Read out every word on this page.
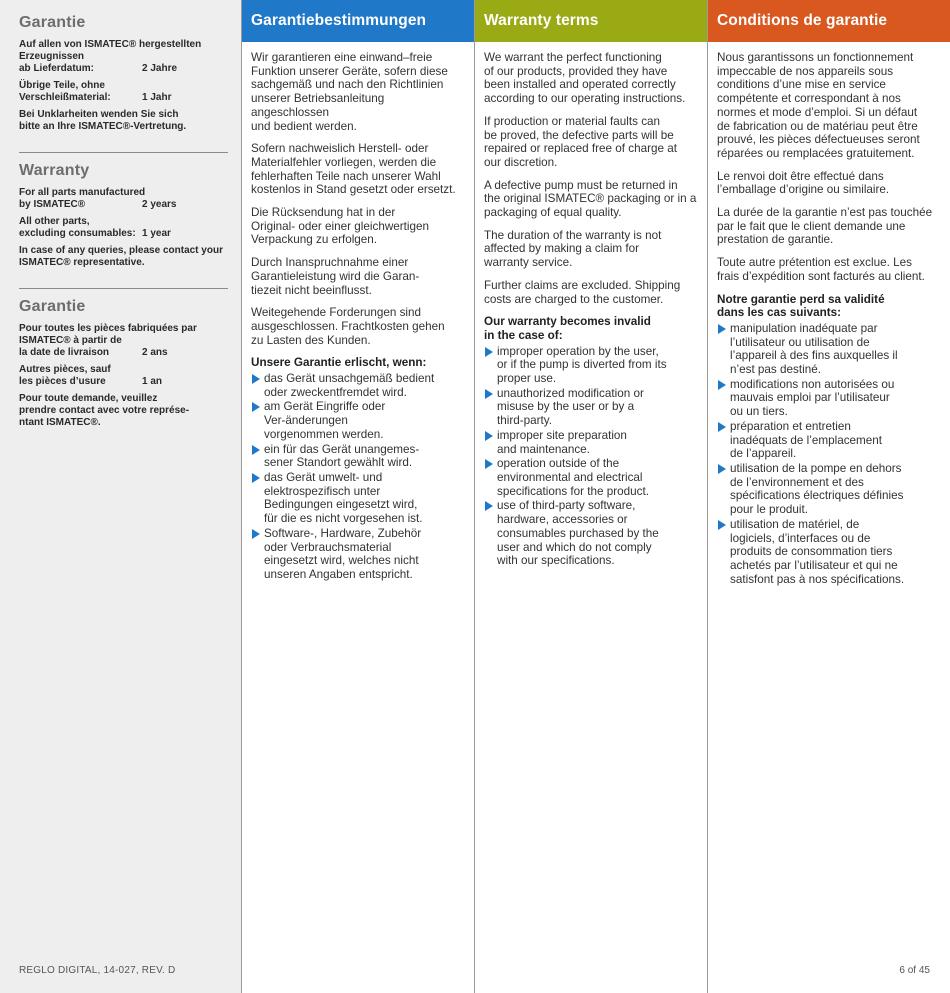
Garantie
Auf allen von ISMATEC® hergestellten Erzeugnissen
ab Lieferdatum:	2 Jahre
Übrige Teile, ohne
Verschleißmaterial:	1 Jahr
Bei Unklarheiten wenden Sie sich
bitte an Ihre ISMATEC®-Vertretung.
Warranty
For all parts manufactured
by ISMATEC®	2 years
All other parts,
excluding consumables: 1 year
In case of any queries, please contact your
ISMATEC® representative.
Garantie
Pour toutes les pièces fabriquées par
ISMATEC® à partir de
la date de livraison	2 ans
Autres pièces, sauf
les pièces d’usure	1 an
Pour toute demande, veuillez
prendre contact avec votre représe-
ntant ISMATEC®.
Garantiebestimmungen

Wir garantieren eine einwand–freie
Funktion unserer Geräte, sofern diese
sachgemäß und nach den Richtlinien
unserer Betriebsanleitung angeschlossen
und bedient werden.

Sofern nachweislich Herstell- oder
Materialfehler vorliegen, werden die
fehlerhaften Teile nach unserer Wahl
kostenlos in Stand gesetzt oder ersetzt.

Die Rücksendung hat in der
Original- oder einer gleichwertigen
Verpackung zu erfolgen.

Durch Inanspruchnahme einer
Garantieleistung wird die Garan-
tiezeit nicht beeinflusst.

Weitegehende Forderungen sind
ausgeschlossen. Frachtkosten gehen
zu Lasten des Kunden.

Unsere Garantie erlischt, wenn:
das Gerät unsachgemäß bedient
oder zweckentfremdet wird.
am Gerät Eingriffe oder
Ver-änderungen
vorgenommen werden.
ein für das Gerät unangemes-
sener Standort gewählt wird.
das Gerät umwelt- und
elektrospezifisch unter
Bedingungen eingesetzt wird,
für die es nicht vorgesehen ist.
Software-, Hardware, Zubehör
oder Verbrauchsmaterial
eingesetzt wird, welches nicht
unseren Angaben entspricht.
Warranty terms

We warrant the perfect functioning
of our products, provided they have
been installed and operated correctly
according to our operating instructions.

If production or material faults can
be proved, the defective parts will be
repaired or replaced free of charge at
our discretion.

A defective pump must be returned in
the original ISMATEC® packaging or in a
packaging of equal quality.

The duration of the warranty is not
affected by making a claim for
warranty service.

Further claims are excluded. Shipping
costs are charged to the customer.

Our warranty becomes invalid
in the case of:
improper operation by the user,
or if the pump is diverted from its
proper use.
unauthorized modification or
misuse by the user or by a
third-party.
improper site preparation
and maintenance.
operation outside of the
environmental and electrical
specifications for the product.
use of third-party software,
hardware, accessories or
consumables purchased by the
user and which do not comply
with our specifications.
Conditions de garantie

Nous garantissons un fonctionnement
impeccable de nos appareils sous
conditions d’une mise en service
compétente et correspondant à nos
normes et mode d’emploi. Si un défaut
de fabrication ou de matériau peut être
prouvé, les pièces défectueuses seront
réparées ou remplacées gratuitement.

Le renvoi doit être effectué dans
l’emballage d’origine ou similaire.

La durée de la garantie n’est pas touchée
par le fait que le client demande une
prestation de garantie.

Toute autre prétention est exclue. Les
frais d’expédition sont facturés au client.

Notre garantie perd sa validité
dans les cas suivants:
manipulation inadéquate par
l’utilisateur ou utilisation de
l’appareil à des fins auxquelles il
n’est pas destiné.
modifications non autorisées ou
mauvais emploi par l’utilisateur
ou un tiers.
préparation et entretien
inadéquats de l’emplacement
de l’appareil.
utilisation de la pompe en dehors
de l’environnement et des
spécifications électriques définies
pour le produit.
utilisation de matériel, de
logiciels, d’interfaces ou de
produits de consommation tiers
achetés par l’utilisateur et qui ne
satisfont pas à nos spécifications.
REGLO DIGITAL, 14-027, REV. D	6 of 45
